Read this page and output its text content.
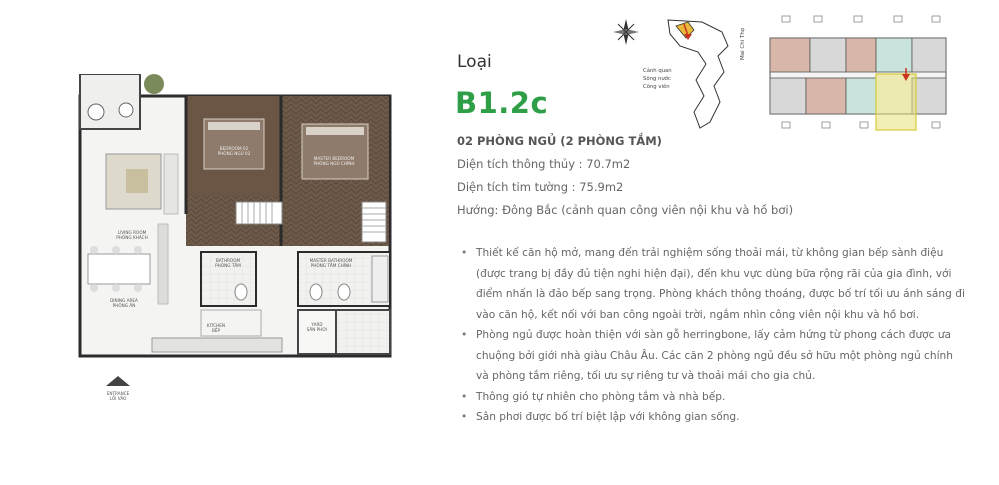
BEDROOM 02
PHÒNG NGỦ 02
MASTER BEDROOM
PHÒNG NGỦ CHÍNH
LIVING ROOM
PHÒNG KHÁCH
DINING AREA
PHÒNG ĂN
KITCHEN
BẾP
BATHROOM
PHÒNG TẮM
MASTER BATHROOM
PHÒNG TẮM CHÍNH
YARD
SÂN PHƠI
ENTRANCE
LỐI VÀO
Mai Chí Thọ
Cảnh quan
Sông nước
Công viên
Loại
B1.2c
02 PHÒNG NGỦ (2 PHÒNG TẮM)
Diện tích thông thủy : 70.7m2
Diện tích tim tường : 75.9m2
Hướng: Đông Bắc (cảnh quan công viên nội khu và hồ bơi)
• Thiết kế căn hộ mở, mang đến trải nghiệm sống thoải mái, từ không gian bếp sành điệu (được trang bị đầy đủ tiện nghi hiện đại), đến khu vực dùng bữa rộng rãi của gia đình, với điểm nhấn là đảo bếp sang trọng. Phòng khách thông thoáng, được bố trí tối ưu ánh sáng đi vào căn hộ, kết nối với ban công ngoài trời, ngắm nhìn công viên nội khu và hồ bơi.
• Phòng ngủ được hoàn thiện với sàn gỗ herringbone, lấy cảm hứng từ phong cách được ưa chuộng bởi giới nhà giàu Châu Âu. Các căn 2 phòng ngủ đều sở hữu một phòng ngủ chính và phòng tắm riêng, tối ưu sự riêng tư và thoải mái cho gia chủ.
• Thông gió tự nhiên cho phòng tắm và nhà bếp.
• Sân phơi được bố trí biệt lập với không gian sống.
